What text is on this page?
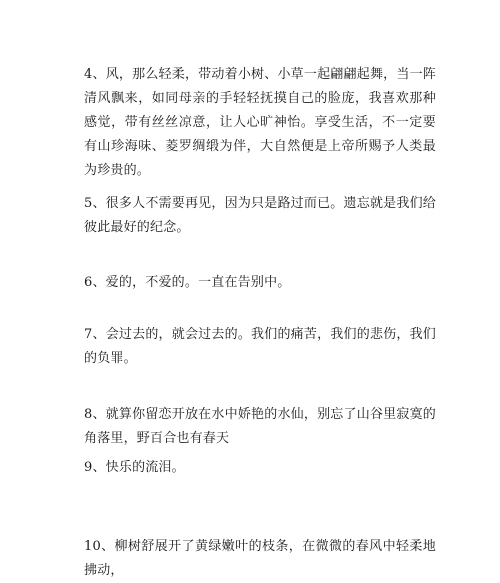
4、风，那么轻柔，带动着小树、小草一起翩翩起舞，当一阵清风飘来，如同母亲的手轻轻抚摸自己的脸庞，我喜欢那种感觉，带有丝丝凉意，让人心旷神怡。享受生活，不一定要有山珍海味、菱罗绸缎为伴，大自然便是上帝所赐予人类最为珍贵的。

5、很多人不需要再见，因为只是路过而已。遗忘就是我们给彼此最好的纪念。

6、爱的，不爱的。一直在告别中。

7、会过去的，就会过去的。我们的痛苦，我们的悲伤，我们的负罪。

8、就算你留恋开放在水中娇艳的水仙，别忘了山谷里寂寞的角落里，野百合也有春天

9、快乐的流泪。

10、柳树舒展开了黄绿嫩叶的枝条，在微微的春风中轻柔地拂动，
